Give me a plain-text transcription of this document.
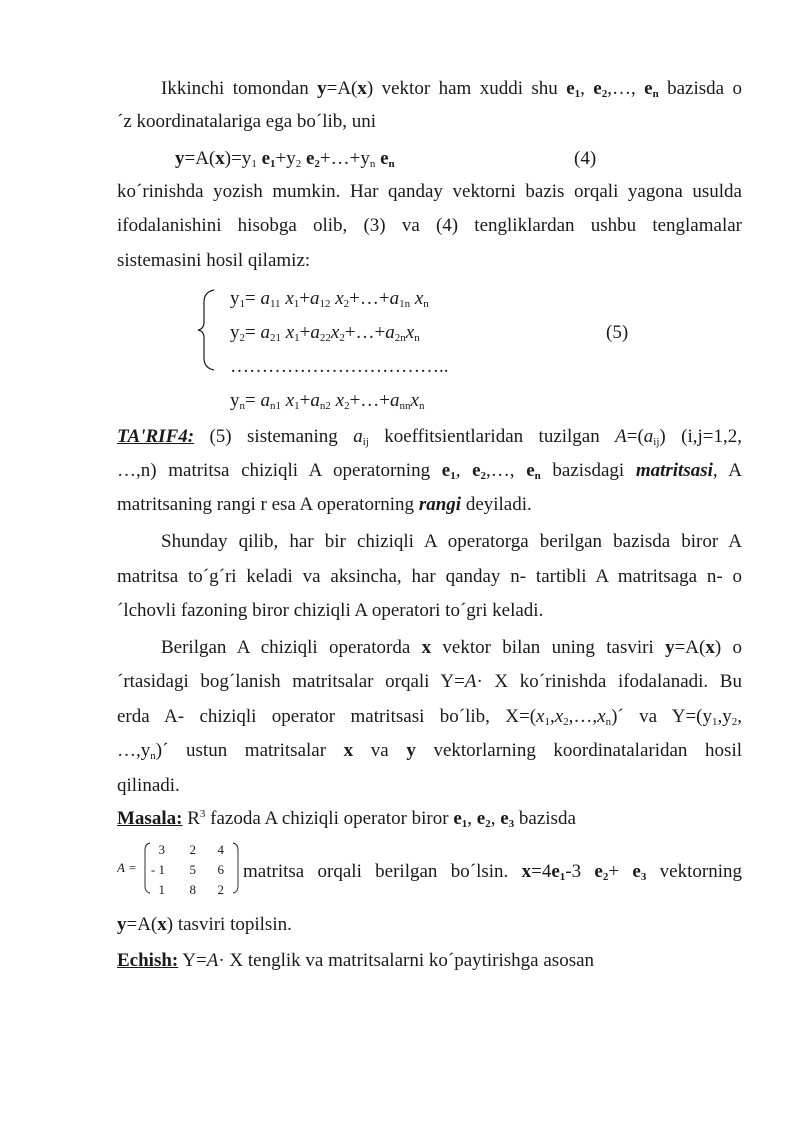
Ikkinchi tomondan y=A(x) vektor ham xuddi shu $e_1$, $e_2,\dots$, $e_n$ bazisda o
´z koordinatalariga ega bo´lib, uni
$y=A(x)=y_1$ $e_1+y_2$ $e_2+\dots+y_n$ $e_n$	(4)
ko´rinishda yozish mumkin. Har qanday vektorni bazis orqali yagona usulda
ifodalanishini hisobga olib, (3) va (4) tengliklardan ushbu tenglamalar
sistemasini hosil qilamiz:
$y_1= a_{11}$ $x_1+a_{12}$ $x_2+\dots+a_{1n}$ $x_n$
$y_2= a_{21}$ $x_1+a_{22}x_2+\dots+a_{2n}x_n$	(5)
……………………………..
$y_n= a_{n1}$ $x_1+a_{n2}$ $x_2+\dots+a_{nn}x_n$
TA'RIF4: (5) sistemaning $a_{ij}$ koeffitsientlaridan tuzilgan $A=(a_{ij})$ (i,j=1,2,
…,n) matritsa chiziqli A operatorning $e_1$, $e_2,\dots$, $e_n$ bazisdagi matritsasi, A
matritsaning rangi r esa A operatorning rangi deyiladi.
Shunday qilib, har bir chiziqli A operatorga berilgan bazisda biror A
matritsa to´g´ri keladi va aksincha, har qanday n- tartibli A matritsaga n- o
´lchovli fazoning biror chiziqli A operatori to´gri keladi.
Berilgan A chiziqli operatorda x vektor bilan uning tasviri y=A(x) o
´rtasidagi bog´lanish matritsalar orqali Y=A· X ko´rinishda ifodalanadi. Bu
erda A- chiziqli operator matritsasi bo´lib, $X=(x_1,x_2,\dots,x_n)´$ va $Y=(y_1,y_2$,
$\dots,y_n)´$ ustun matritsalar x va y vektorlarning koordinatalaridan hosil
qilinadi.
Masala: $R^3$ fazoda A chiziqli operator biror $e_1$, $e_2$, $e_3$ bazisda
A =
3 2 4
- 1 5 6
1 8 2
matritsa orqali berilgan bo´lsin. $x=4e_1-3$ $e_2+ e_3$ vektorning
y=A(x) tasviri topilsin.
Echish: Y=A· X tenglik va matritsalarni ko´paytirishga asosan
